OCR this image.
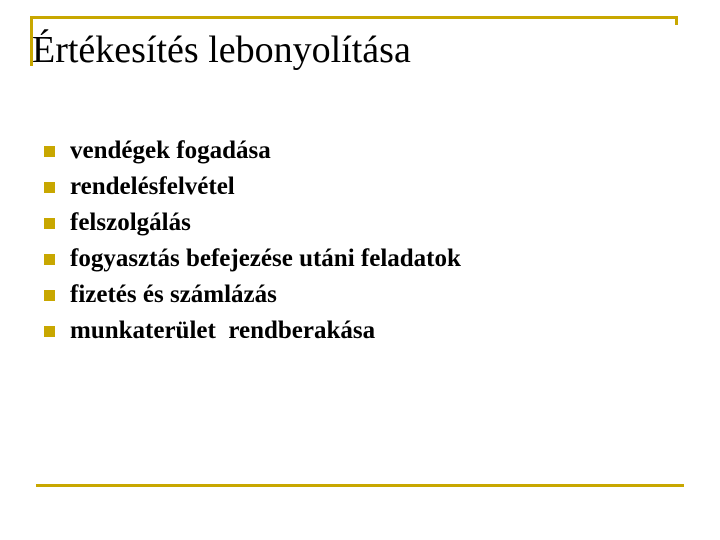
Értékesítés lebonyolítása
vendégek fogadása
rendelésfelvétel
felszolgálás
fogyasztás befejezése utáni feladatok
fizetés és számlázás
munkaterület  rendberakása
